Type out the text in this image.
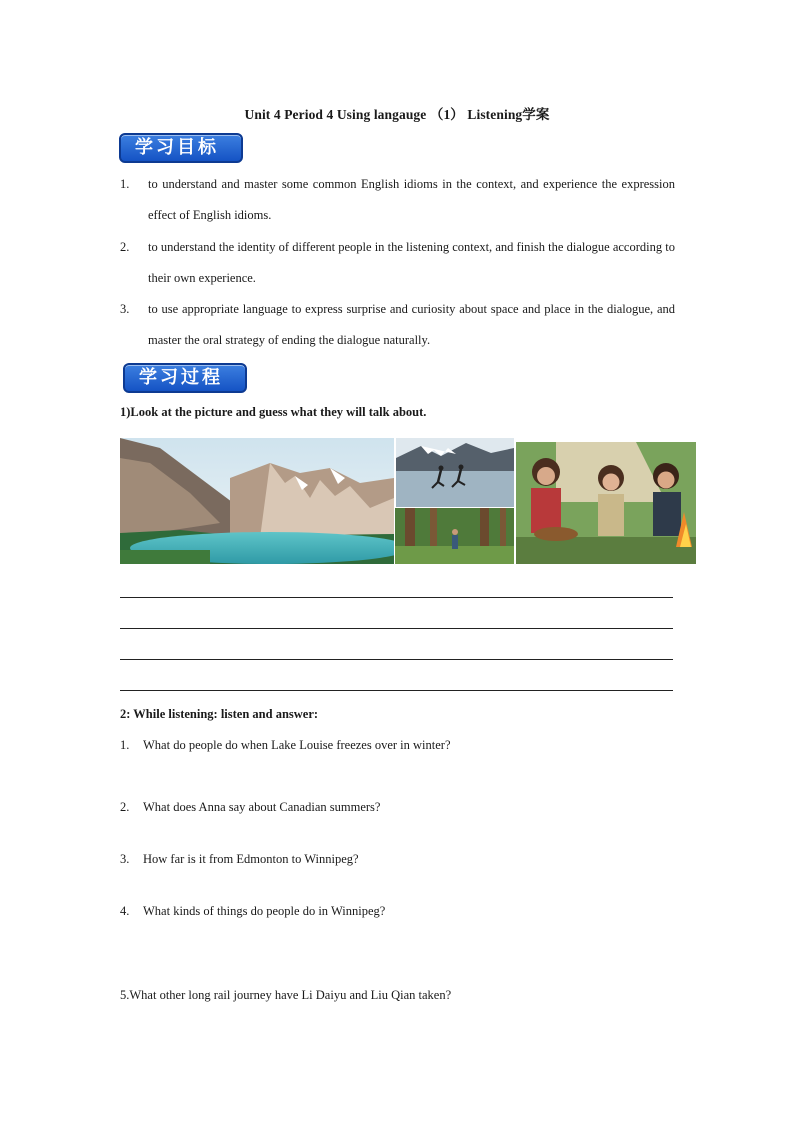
Unit 4 Period 4 Using langauge （1） Listening学案
学习目标
1. to understand and master some common English idioms in the context, and experience the expression effect of English idioms.
2. to understand the identity of different people in the listening context, and finish the dialogue according to their own experience.
3. to use appropriate language to express surprise and curiosity about space and place in the dialogue, and master the oral strategy of ending the dialogue naturally.
学习过程
1)Look at the picture and guess what they will talk about.
2: While listening: listen and answer:
1. What do people do when Lake Louise freezes over in winter?
2. What does Anna say about Canadian summers?
3. How far is it from Edmonton to Winnipeg?
4. What kinds of things do people do in Winnipeg?
5.What other long rail journey have Li Daiyu and Liu Qian taken?
